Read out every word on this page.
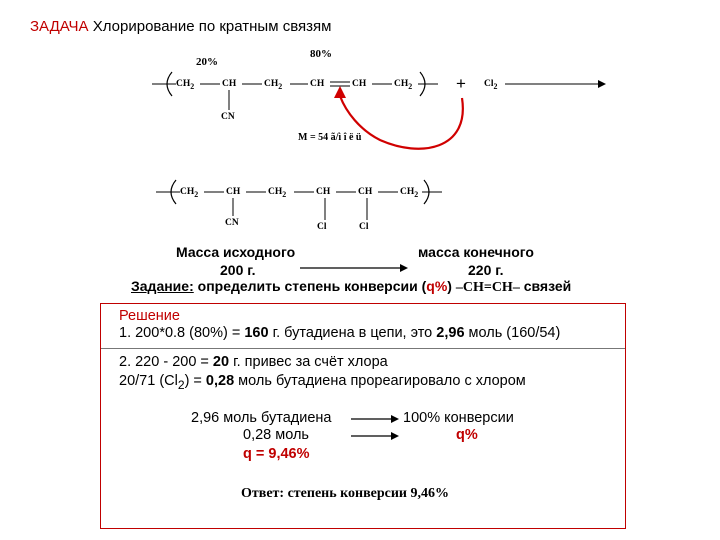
ЗАДАЧА Хлорирование по кратным связям
20%
80%
$CH_2$	CH	$CH_2$	CH	CH	$CH_2$
CN
+ $Cl_2$
M = 54 ã/ì î ë ü
$CH_2$	CH	$CH_2$	CH	CH	$CH_2$
CN	Cl	Cl
Масса исходного
200 г.
масса конечного
220 г.
Задание: определить степень конверсии (q%) –CH=CH– связей
Решение
1. 200*0.8 (80%) = 160 г. бутадиена в цепи, это 2,96 моль (160/54)
2. 220 - 200 = 20 г. привес за счёт хлора
20/71 $(Cl_2) = 0,28$ моль бутадиена прореагировало с хлором
2,96 моль бутадиена	100% конверсии
0,28 моль	q%
q = 9,46%
Ответ: степень конверсии 9,46%
